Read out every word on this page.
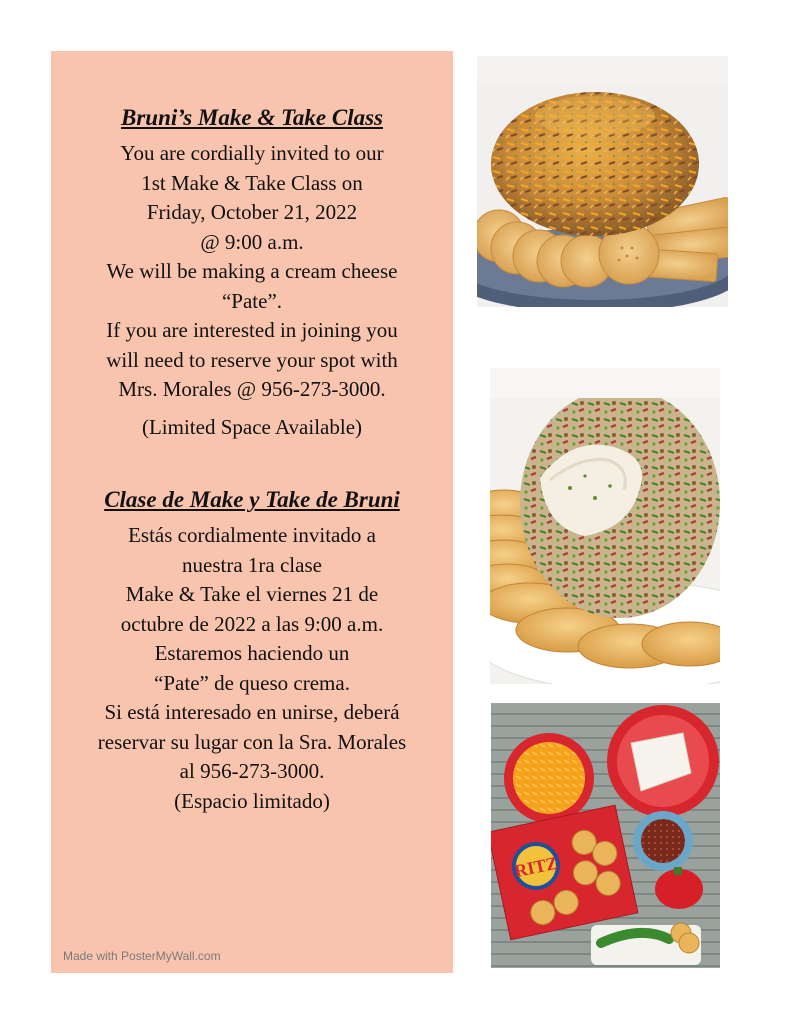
Bruni’s Make & Take Class
You are cordially invited to our
1st Make & Take Class on
Friday, October 21, 2022
@ 9:00 a.m.
We will be making a cream cheese
“Pate”.
If you are interested in joining you
will need to reserve your spot with
Mrs. Morales @ 956-273-3000.
(Limited Space Available)
Clase de Make y Take de Bruni
Estás cordialmente invitado a
nuestra 1ra clase
Make & Take el viernes 21 de
octubre de 2022 a las 9:00 a.m.
Estaremos haciendo un
“Pate” de queso crema.
Si está interesado en unirse, deberá
reservar su lugar con la Sra. Morales
al 956-273-3000.
(Espacio limitado)
Made with PosterMyWall.com
RITZ
